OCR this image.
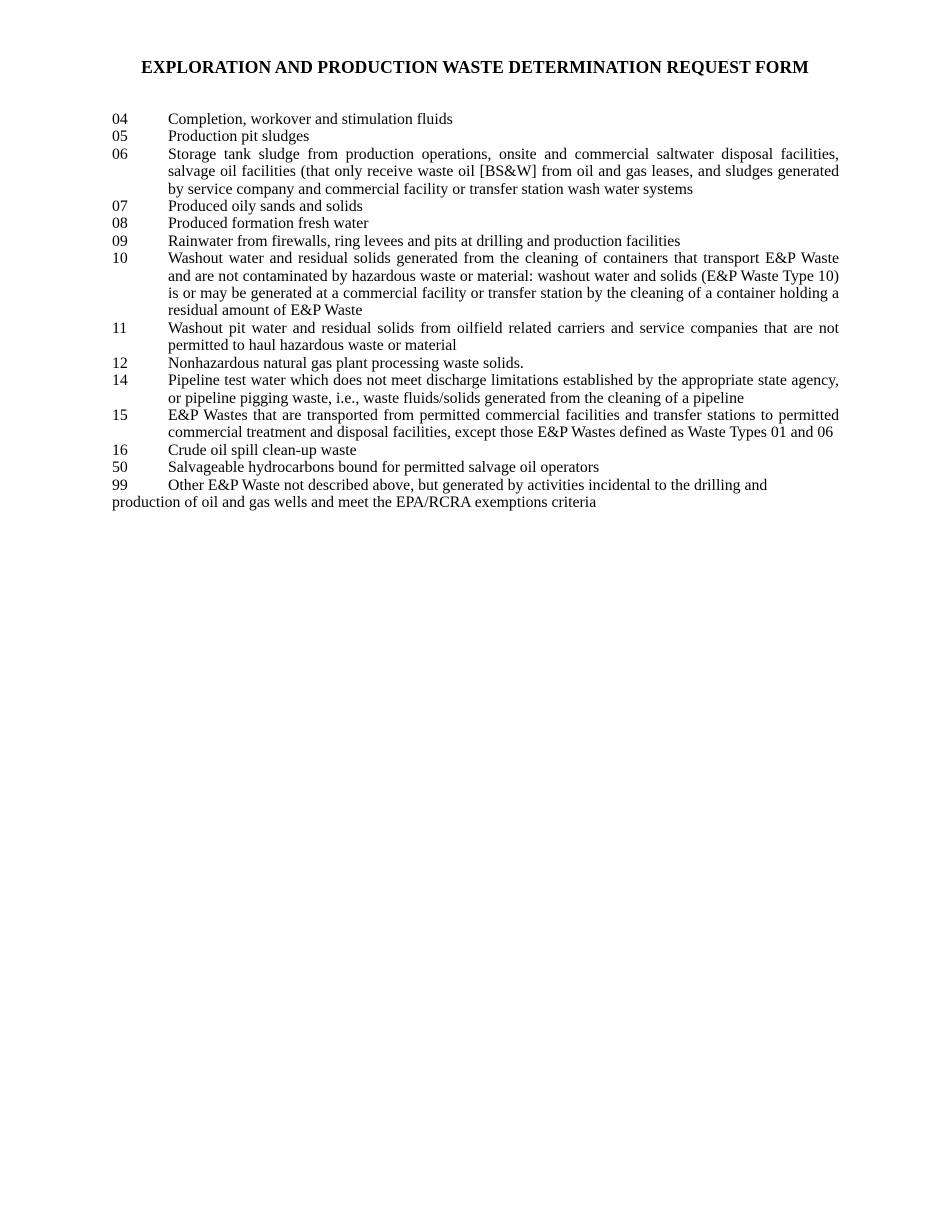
EXPLORATION AND PRODUCTION WASTE DETERMINATION REQUEST FORM
04	Completion, workover and stimulation fluids
05	Production pit sludges
06	Storage tank sludge from production operations, onsite and commercial saltwater disposal facilities, salvage oil facilities (that only receive waste oil [BS&W] from oil and gas leases, and sludges generated by service company and commercial facility or transfer station wash water systems
07	Produced oily sands and solids
08	Produced formation fresh water
09	Rainwater from firewalls, ring levees and pits at drilling and production facilities
10	Washout water and residual solids generated from the cleaning of containers that transport E&P Waste and are not contaminated by hazardous waste or material: washout water and solids (E&P Waste Type 10) is or may be generated at a commercial facility or transfer station by the cleaning of a container holding a residual amount of E&P Waste
11	Washout pit water and residual solids from oilfield related carriers and service companies that are not permitted to haul hazardous waste or material
12	Nonhazardous natural gas plant processing waste solids.
14	Pipeline test water which does not meet discharge limitations established by the appropriate state agency, or pipeline pigging waste, i.e., waste fluids/solids generated from the cleaning of a pipeline
15	E&P Wastes that are transported from permitted commercial facilities and transfer stations to permitted commercial treatment and disposal facilities, except those E&P Wastes defined as Waste Types 01 and 06
16	Crude oil spill clean-up waste
50	Salvageable hydrocarbons bound for permitted salvage oil operators
99	Other E&P Waste not described above, but generated by activities incidental to the drilling and production of oil and gas wells and meet the EPA/RCRA exemptions criteria
